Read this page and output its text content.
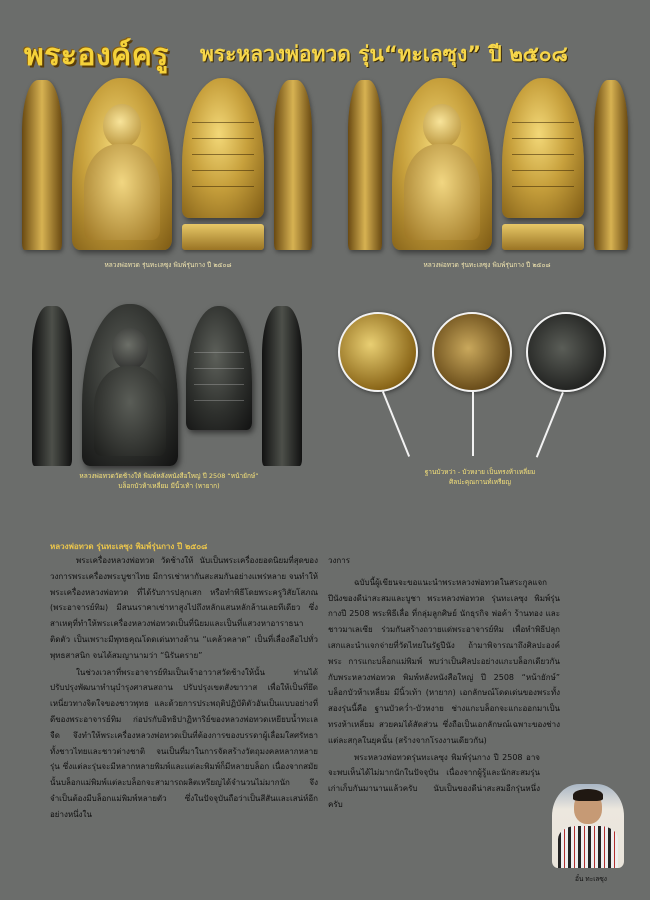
พระองค์ครู พระหลวงพ่อทวด รุ่น“ทะเลซุง” ปี ๒๕๐๘
หลวงพ่อทวด รุ่นทะเลซุง พิมพ์รุ่นกาง ปี ๒๕๐๘	หลวงพ่อทวด รุ่นทะเลซุง พิมพ์รุ่นกาง ปี ๒๕๐๘
หลวงพ่อทวดวัดช้างให้ พิมพ์หลังหนังสือใหญ่ ปี 2508 “หน้ายักษ์”
บล็อกบัวห้าเหลี่ยม มีนิ้วเท้า (หายาก)
ฐานบัวหว่า - บัวหงาย เป็นทรงห้าเหลี่ยม
ศิลปะคุณกานท์เหรียญ
หลวงพ่อทวด รุ่นทะเลซุง พิมพ์รุ่นกาง ปี ๒๕๐๘

พระเครื่องหลวงพ่อทวด วัดช้างให้ นับเป็นพระเครื่องยอดนิยมที่สุดของวงการพระเครื่องพระบูชาไทย มีการเช่าหากันสะสมกันอย่างแพร่หลาย จนทำให้พระเครื่องหลวงพ่อทวด ที่ได้รับการปลุกเสก หรือทำพิธีโดยพระครูวิสัยโสภณ (พระอาจารย์ทิม) มีสนนราคาเช่าหาสูงไปถึงหลักแสนหลักล้านเลยทีเดียว ซึ่งสาเหตุที่ทำให้พระเครื่องหลวงพ่อทวดเป็นที่นิยมและเป็นที่แสวงหาอาราธนาติดตัว เป็นเพราะมีพุทธคุณโดดเด่นทางด้าน “แคล้วคลาด” เป็นที่เลื่องลือไปทั่วพุทธสาสนิก จนได้สมญานามว่า “นิรันตราย”

ในช่วงเวลาที่พระอาจารย์ทิมเป็นเจ้าอาวาสวัดช้างให้นั้น ท่านได้ปรับปรุงพัฒนาทำนุบำรุงศาสนสถาน ปรับปรุงเขตสังฆาวาส เพื่อให้เป็นที่ยึดเหนี่ยวทางจิตใจของชาวพุทธ และด้วยการประพฤติปฏิบัติตัวอันเป็นแบบอย่างที่ดีของพระอาจารย์ทิม ก่อปรกับอิทธิปาฏิหาริย์ของหลวงพ่อทวดเหยียบน้ำทะเลจืด จึงทำให้พระเครื่องหลวงพ่อทวดเป็นที่ต้องการของบรรดาผู้เลื่อมใสศรัทธา ทั้งชาวไทยและชาวต่างชาติ จนเป็นที่มาในการจัดสร้างวัตถุมงคลหลากหลายรุ่น ซึ่งแต่ละรุ่นจะมีหลากหลายพิมพ์และแต่ละพิมพ์ก็มีหลายบล็อก เนื่องจากสมัยนั้นบล็อกแม่พิมพ์แต่ละบล็อกจะสามารถผลิตเหรียญได้จำนวนไม่มากนัก จึงจำเป็นต้องมีบล็อกแม่พิมพ์หลายตัว ซึ่งในปัจจุบันถือว่าเป็นสีสันและเสน่ห์อีกอย่างหนึ่งใน

วงการ

ฉบับนี้ผู้เขียนจะขอแนะนำพระหลวงพ่อทวดในสระกูลแจกปีนังของดีน่าสะสมและบูชา พระหลวงพ่อทวด รุ่นทะเลซุง พิมพ์รุ่นกางปี 2508 พระพิธีเลื่อ ที่กลุ่มลูกศิษย์ นักธุรกิจ พ่อค้า ร้านทอง และชาวมาเลเซีย ร่วมกันสร้างถวายแด่พระอาจารย์ทิม เพื่อทำพิธีปลุกเสกและนำแจกจ่ายที่วัดไทยในรัฐปีนัง ถ้ามาพิจารณาถึงศิลปะองค์พระ การแกะบล็อกแม่พิมพ์ พบว่าเป็นศิลปะอย่างแกะบล็อกเดียวกันกับพระหลวงพ่อทวด พิมพ์หลังหนังสือใหญ่ ปี 2508 “หน้ายักษ์” บล็อกบัวห้าเหลี่ยม มีนิ้วเท้า (หายาก) เอกลักษณ์โดดเด่นของพระทั้งสองรุ่นนี้คือ ฐานบัวคว่ำ-บัวหงาย ช่างแกะบล็อกจะแกะออกมาเป็นทรงห้าเหลี่ยม สวยคมได้สัดส่วน ซึ่งถือเป็นเอกลักษณ์เฉพาะของช่างแต่ละสกุลในยุคนั้น (สร้างจากโรงงานเดียวกัน)

พระหลวงพ่อทวดรุ่นทะเลซุง พิมพ์รุ่นกาง ปี 2508 อาจจะพบเห็นได้ไม่มากนักในปัจจุบัน เนื่องจากผู้รู้และนักสะสมรุ่นเก่าเก็บกันมานานแล้วครับ นับเป็นของดีน่าสะสมอีกรุ่นหนึ่งครับ

อั๋น ทะเลซุง
